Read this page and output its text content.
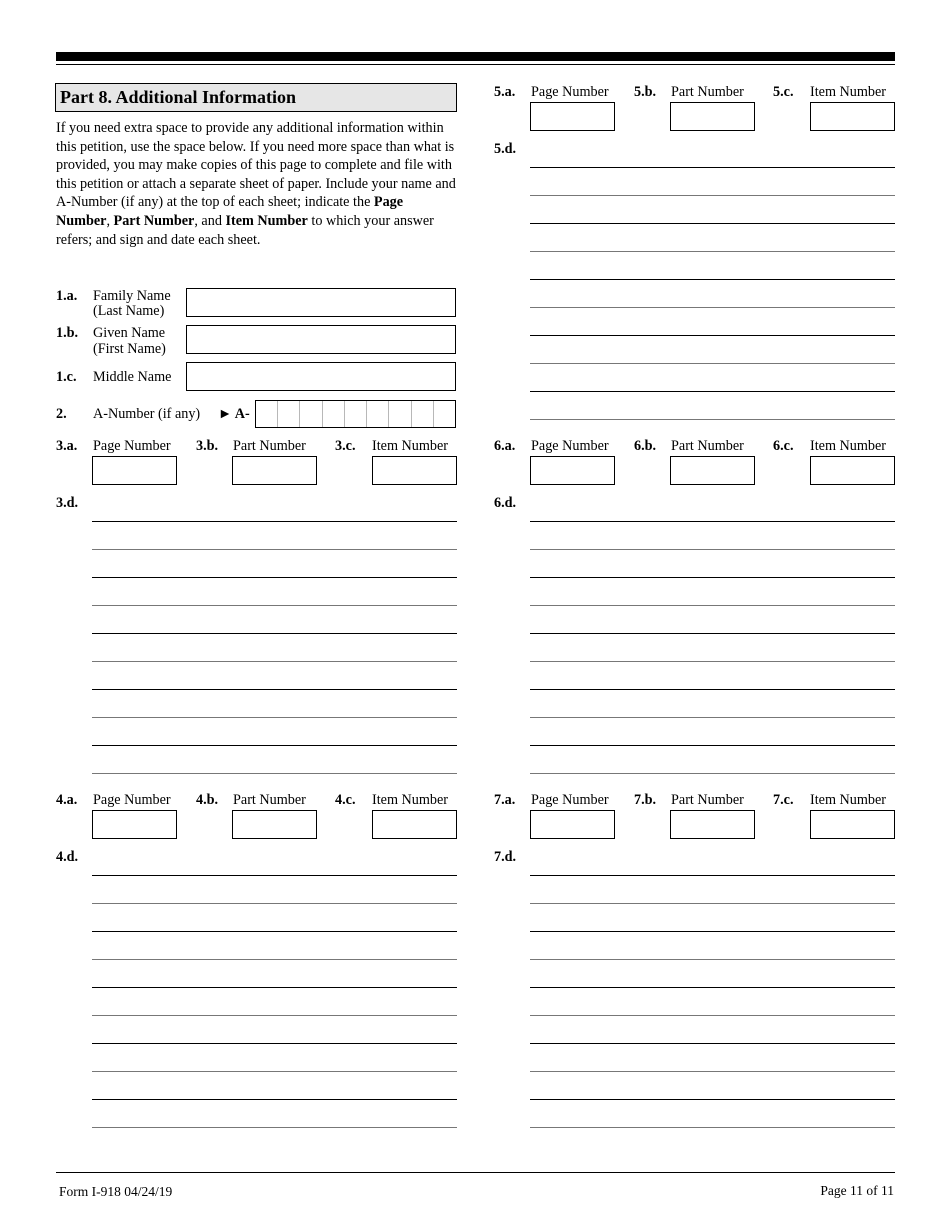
Part 8. Additional Information
If you need extra space to provide any additional information within this petition, use the space below. If you need more space than what is provided, you may make copies of this page to complete and file with this petition or attach a separate sheet of paper. Include your name and A-Number (if any) at the top of each sheet; indicate the Page Number, Part Number, and Item Number to which your answer refers; and sign and date each sheet.
1.a. Family Name
(Last Name)
1.b. Given Name
(First Name)
1.c. Middle Name
2. A-Number (if any) ► A-
3.a. Page Number 3.b. Part Number 3.c. Item Number
3.d.
4.a. Page Number 4.b. Part Number 4.c. Item Number
4.d.
5.a. Page Number 5.b. Part Number 5.c. Item Number
5.d.
6.a. Page Number 6.b. Part Number 6.c. Item Number
6.d.
7.a. Page Number 7.b. Part Number 7.c. Item Number
7.d.
Form I-918 04/24/19	Page 11 of 11
